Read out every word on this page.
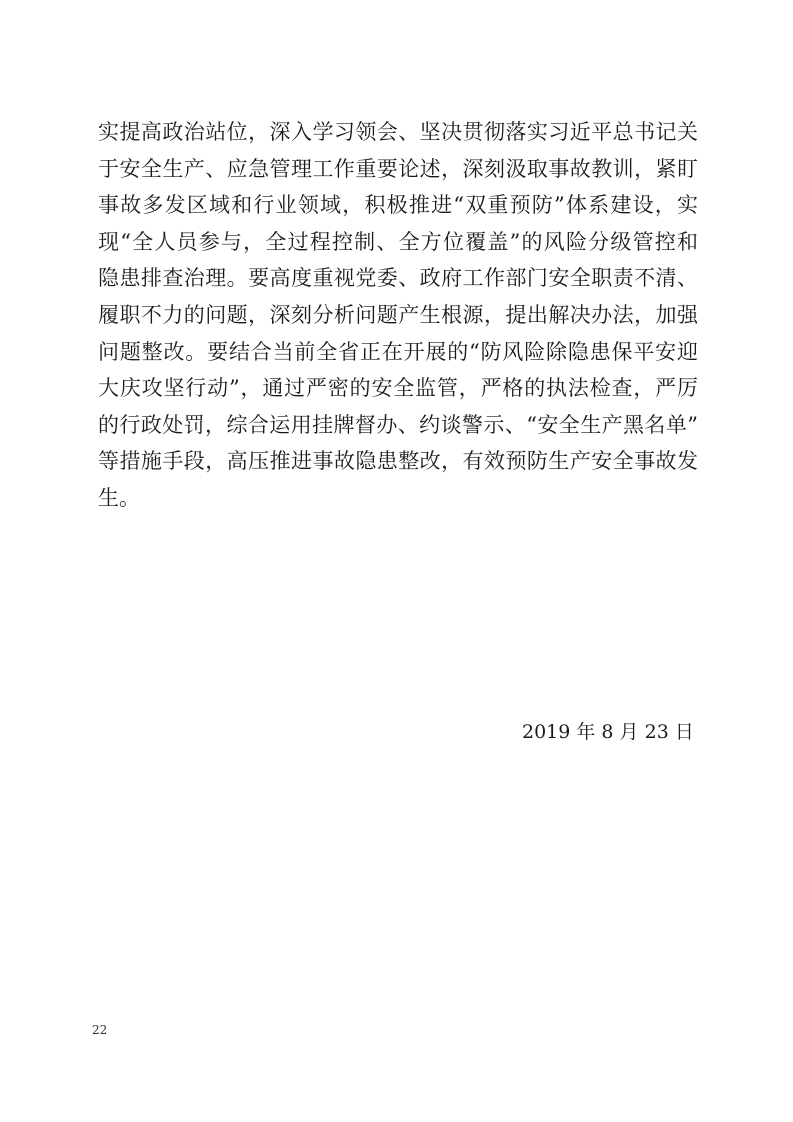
实提高政治站位，深入学习领会、坚决贯彻落实习近平总书记关
于安全生产、应急管理工作重要论述，深刻汲取事故教训，紧盯
事故多发区域和行业领域，积极推进“双重预防”体系建设，实
现“全人员参与，全过程控制、全方位覆盖”的风险分级管控和
隐患排查治理。要高度重视党委、政府工作部门安全职责不清、
履职不力的问题，深刻分析问题产生根源，提出解决办法，加强
问题整改。要结合当前全省正在开展的“防风险除隐患保平安迎
大庆攻坚行动”，通过严密的安全监管，严格的执法检查，严厉
的行政处罚，综合运用挂牌督办、约谈警示、“安全生产黑名单”
等措施手段，高压推进事故隐患整改，有效预防生产安全事故发
生。
2019 年 8 月 23 日
22
